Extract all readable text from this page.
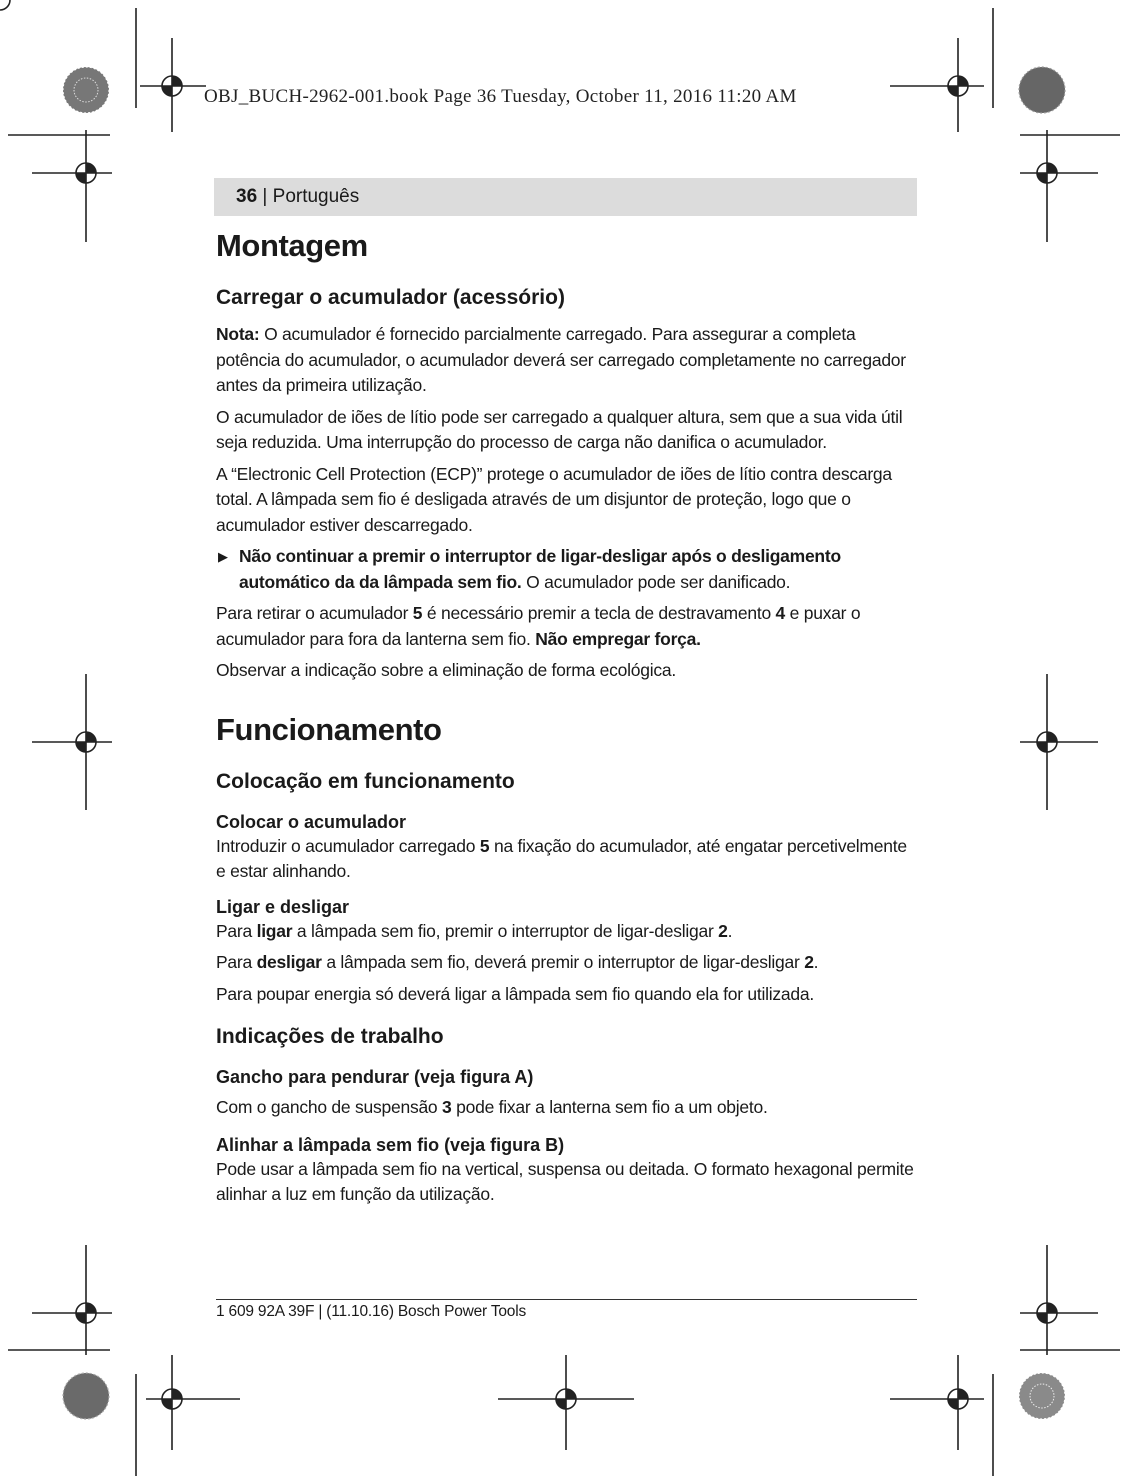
OBJ_BUCH-2962-001.book Page 36 Tuesday, October 11, 2016 11:20 AM
36 | Português
Montagem
Carregar o acumulador (acessório)

Nota: O acumulador é fornecido parcialmente carregado. Para assegurar a completa potência do acumulador, o acumulador deverá ser carregado completamente no carregador antes da primeira utilização.

O acumulador de iões de lítio pode ser carregado a qualquer altura, sem que a sua vida útil seja reduzida. Uma interrupção do processo de carga não danifica o acumulador.

A “Electronic Cell Protection (ECP)” protege o acumulador de iões de lítio contra descarga total. A lâmpada sem fio é desligada através de um disjuntor de proteção, logo que o acumulador estiver descarregado.

▶ Não continuar a premir o interruptor de ligar-desligar após o desligamento automático da da lâmpada sem fio. O acumulador pode ser danificado.

Para retirar o acumulador 5 é necessário premir a tecla de destravamento 4 e puxar o acumulador para fora da lanterna sem fio. Não empregar força.

Observar a indicação sobre a eliminação de forma ecológica.

Funcionamento
Colocação em funcionamento
Colocar o acumulador

Introduzir o acumulador carregado 5 na fixação do acumulador, até engatar percetivelmente e estar alinhando.

Ligar e desligar

Para ligar a lâmpada sem fio, premir o interruptor de ligar-desligar 2.

Para desligar a lâmpada sem fio, deverá premir o interruptor de ligar-desligar 2.

Para poupar energia só deverá ligar a lâmpada sem fio quando ela for utilizada.

Indicações de trabalho
Gancho para pendurar (veja figura A)

Com o gancho de suspensão 3 pode fixar a lanterna sem fio a um objeto.

Alinhar a lâmpada sem fio (veja figura B)

Pode usar a lâmpada sem fio na vertical, suspensa ou deitada. O formato hexagonal permite alinhar a luz em função da utilização.

1 609 92A 39F | (11.10.16) Bosch Power Tools
